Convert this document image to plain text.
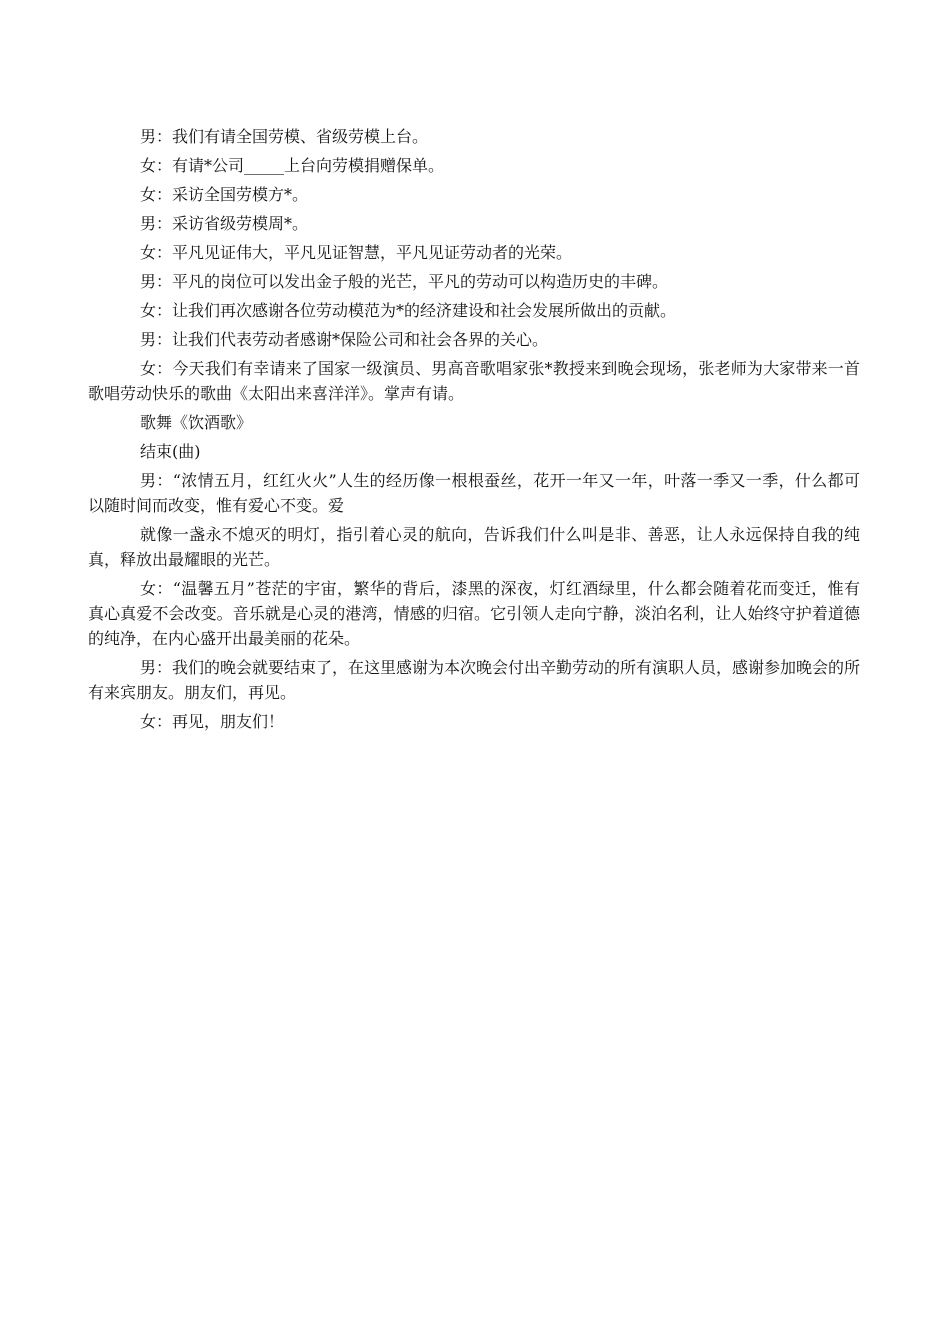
男：我们有请全国劳模、省级劳模上台。

女：有请*公司_____上台向劳模捐赠保单。

女：采访全国劳模方*。

男：采访省级劳模周*。

女：平凡见证伟大，平凡见证智慧，平凡见证劳动者的光荣。

男：平凡的岗位可以发出金子般的光芒，平凡的劳动可以构造历史的丰碑。

女：让我们再次感谢各位劳动模范为*的经济建设和社会发展所做出的贡献。

男：让我们代表劳动者感谢*保险公司和社会各界的关心。

女：今天我们有幸请来了国家一级演员、男高音歌唱家张*教授来到晚会现场，张老师为大家带来一首歌唱劳动快乐的歌曲《太阳出来喜洋洋》。掌声有请。

歌舞《饮酒歌》

结束(曲)

男：“浓情五月，红红火火”人生的经历像一根根蚕丝，花开一年又一年，叶落一季又一季，什么都可以随时间而改变，惟有爱心不变。爱

就像一盏永不熄灭的明灯，指引着心灵的航向，告诉我们什么叫是非、善恶，让人永远保持自我的纯真，释放出最耀眼的光芒。

女：“温馨五月”苍茫的宇宙，繁华的背后，漆黑的深夜，灯红酒绿里，什么都会随着花而变迁，惟有真心真爱不会改变。音乐就是心灵的港湾，情感的归宿。它引领人走向宁静，淡泊名利，让人始终守护着道德的纯净，在内心盛开出最美丽的花朵。

男：我们的晚会就要结束了，在这里感谢为本次晚会付出辛勤劳动的所有演职人员，感谢参加晚会的所有来宾朋友。朋友们，再见。

女：再见，朋友们！
